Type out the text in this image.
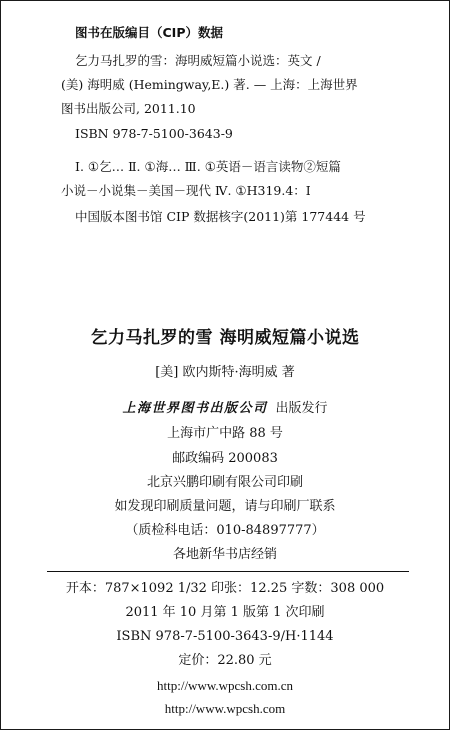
图书在版编目（CIP）数据
乞力马扎罗的雪：海明威短篇小说选：英文 /
(美) 海明威 (Hemingway,E.) 著. — 上海：上海世界
图书出版公司, 2011.10
ISBN 978-7-5100-3643-9
Ⅰ. ①乞… Ⅱ. ①海… Ⅲ. ①英语－语言读物②短篇
小说－小说集－美国－现代 Ⅳ. ①H319.4：I
中国版本图书馆 CIP 数据核字(2011)第 177444 号
乞力马扎罗的雪 海明威短篇小说选
[美] 欧内斯特·海明威 著
上海世界图书出版公司 出版发行
上海市广中路 88 号
邮政编码 200083
北京兴鹏印刷有限公司印刷
如发现印刷质量问题，请与印刷厂联系
（质检科电话：010-84897777）
各地新华书店经销
开本：787×1092 1/32 印张：12.25 字数：308 000
2011 年 10 月第 1 版第 1 次印刷
ISBN 978-7-5100-3643-9/H·1144
定价：22.80 元
http://www.wpcsh.com.cn
http://www.wpcsh.com
